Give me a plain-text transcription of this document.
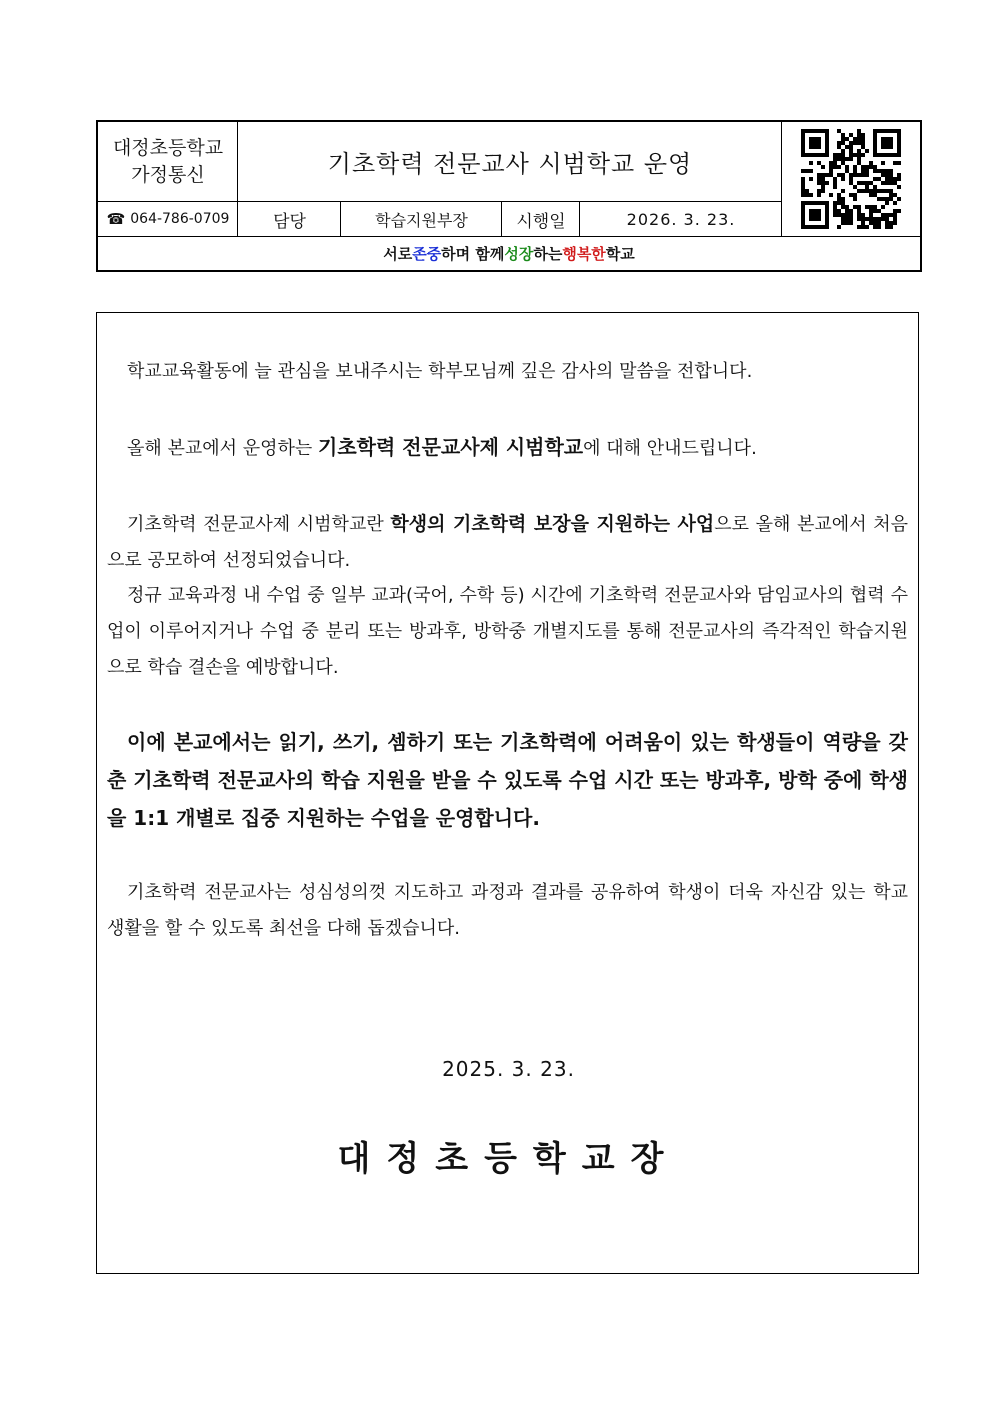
대정초등학교
가정통신	기초학력 전문교사 시범학교 운영
☎ 064-786-0709	담당	학습지원부장	시행일	2026. 3. 23.
서로 존중 하며 함께 성장 하는 행복한 학교
학교교육활동에 늘 관심을 보내주시는 학부모님께 깊은 감사의 말씀을 전합니다.
올해 본교에서 운영하는 기초학력 전문교사제 시범학교에 대해 안내드립니다.
기초학력 전문교사제 시범학교란 학생의 기초학력 보장을 지원하는 사업으로 올해 본교에서 처음으로 공모하여 선정되었습니다.
정규 교육과정 내 수업 중 일부 교과(국어, 수학 등) 시간에 기초학력 전문교사와 담임교사의 협력 수업이 이루어지거나 수업 중 분리 또는 방과후, 방학중 개별지도를 통해 전문교사의 즉각적인 학습지원으로 학습 결손을 예방합니다.
이에 본교에서는 읽기, 쓰기, 셈하기 또는 기초학력에 어려움이 있는 학생들이 역량을 갖춘 기초학력 전문교사의 학습 지원을 받을 수 있도록 수업 시간 또는 방과후, 방학 중에 학생을 1:1 개별로 집중 지원하는 수업을 운영합니다.
기초학력 전문교사는 성심성의껏 지도하고 과정과 결과를 공유하여 학생이 더욱 자신감 있는 학교 생활을 할 수 있도록 최선을 다해 돕겠습니다.
2025. 3. 23.
대정초등학교장
